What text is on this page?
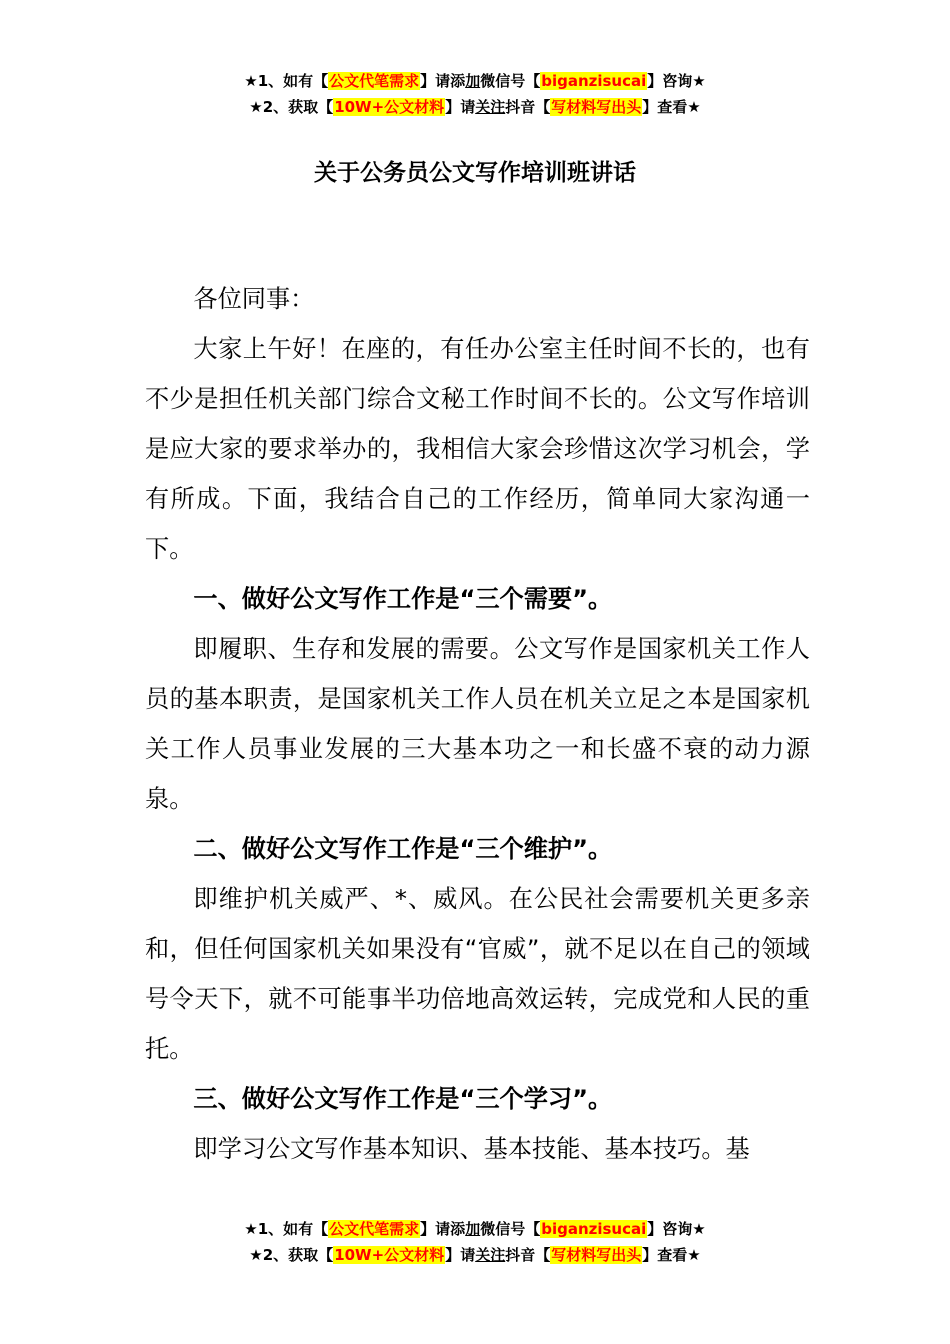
★1、如有【公文代笔需求】请添加微信号【biganzisucai】咨询★
★2、获取【10W+公文材料】请关注抖音【写材料写出头】查看★
关于公务员公文写作培训班讲话

各位同事：

大家上午好！在座的，有任办公室主任时间不长的，也有不少是担任机关部门综合文秘工作时间不长的。公文写作培训是应大家的要求举办的，我相信大家会珍惜这次学习机会，学有所成。下面，我结合自己的工作经历，简单同大家沟通一下。

一、做好公文写作工作是“三个需要”。

即履职、生存和发展的需要。公文写作是国家机关工作人员的基本职责，是国家机关工作人员在机关立足之本是国家机关工作人员事业发展的三大基本功之一和长盛不衰的动力源泉。

二、做好公文写作工作是“三个维护”。

即维护机关威严、*、威风。在公民社会需要机关更多亲和，但任何国家机关如果没有“官威”，就不足以在自己的领域号令天下，就不可能事半功倍地高效运转，完成党和人民的重托。

三、做好公文写作工作是“三个学习”。

即学习公文写作基本知识、基本技能、基本技巧。基

★1、如有【公文代笔需求】请添加微信号【biganzisucai】咨询★
★2、获取【10W+公文材料】请关注抖音【写材料写出头】查看★
